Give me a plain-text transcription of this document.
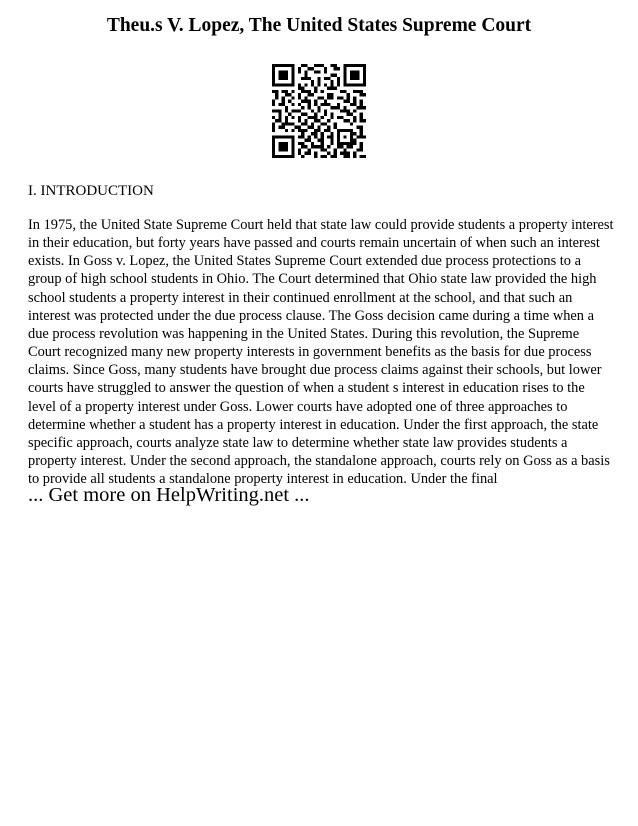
Theu.s V. Lopez, The United States Supreme Court
I. INTRODUCTION

In 1975, the United State Supreme Court held that state law could provide students a property interest in their education, but forty years have passed and courts remain uncertain of when such an interest exists. In Goss v. Lopez, the United States Supreme Court extended due process protections to a group of high school students in Ohio. The Court determined that Ohio state law provided the high school students a property interest in their continued enrollment at the school, and that such an interest was protected under the due process clause. The Goss decision came during a time when a due process revolution was happening in the United States. During this revolution, the Supreme Court recognized many new property interests in government benefits as the basis for due process claims. Since Goss, many students have brought due process claims against their schools, but lower courts have struggled to answer the question of when a student s interest in education rises to the level of a property interest under Goss. Lower courts have adopted one of three approaches to determine whether a student has a property interest in education. Under the first approach, the state specific approach, courts analyze state law to determine whether state law provides students a property interest. Under the second approach, the standalone approach, courts rely on Goss as a basis to provide all students a standalone property interest in education. Under the final

... Get more on HelpWriting.net ...
